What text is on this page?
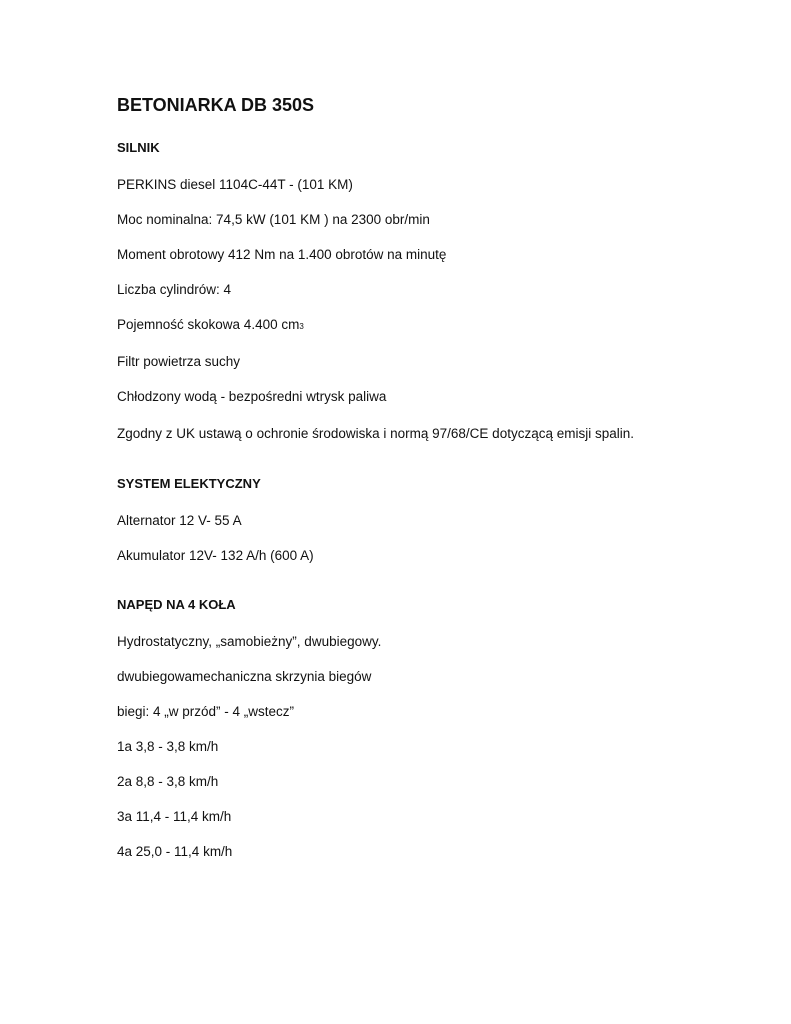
BETONIARKA DB 350S
SILNIK
PERKINS diesel 1104C-44T - (101 KM)
Moc nominalna: 74,5 kW (101 KM ) na 2300 obr/min
Moment obrotowy 412 Nm na 1.400 obrotów na minutę
Liczba cylindrów: 4
Pojemność skokowa 4.400 cm3
Filtr powietrza suchy
Chłodzony wodą - bezpośredni wtrysk paliwa
Zgodny z UK ustawą o ochronie środowiska i normą 97/68/CE dotyczącą emisji spalin.
SYSTEM ELEKTYCZNY
Alternator 12 V- 55 A
Akumulator 12V- 132 A/h (600 A)
NAPĘD NA 4 KOŁA
Hydrostatyczny, „samobieżny”, dwubiegowy.
dwubiegowamechaniczna skrzynia biegów
biegi: 4 „w przód” - 4 „wstecz”
1a 3,8 - 3,8 km/h
2a 8,8 - 3,8 km/h
3a 11,4 - 11,4 km/h
4a 25,0 - 11,4 km/h
